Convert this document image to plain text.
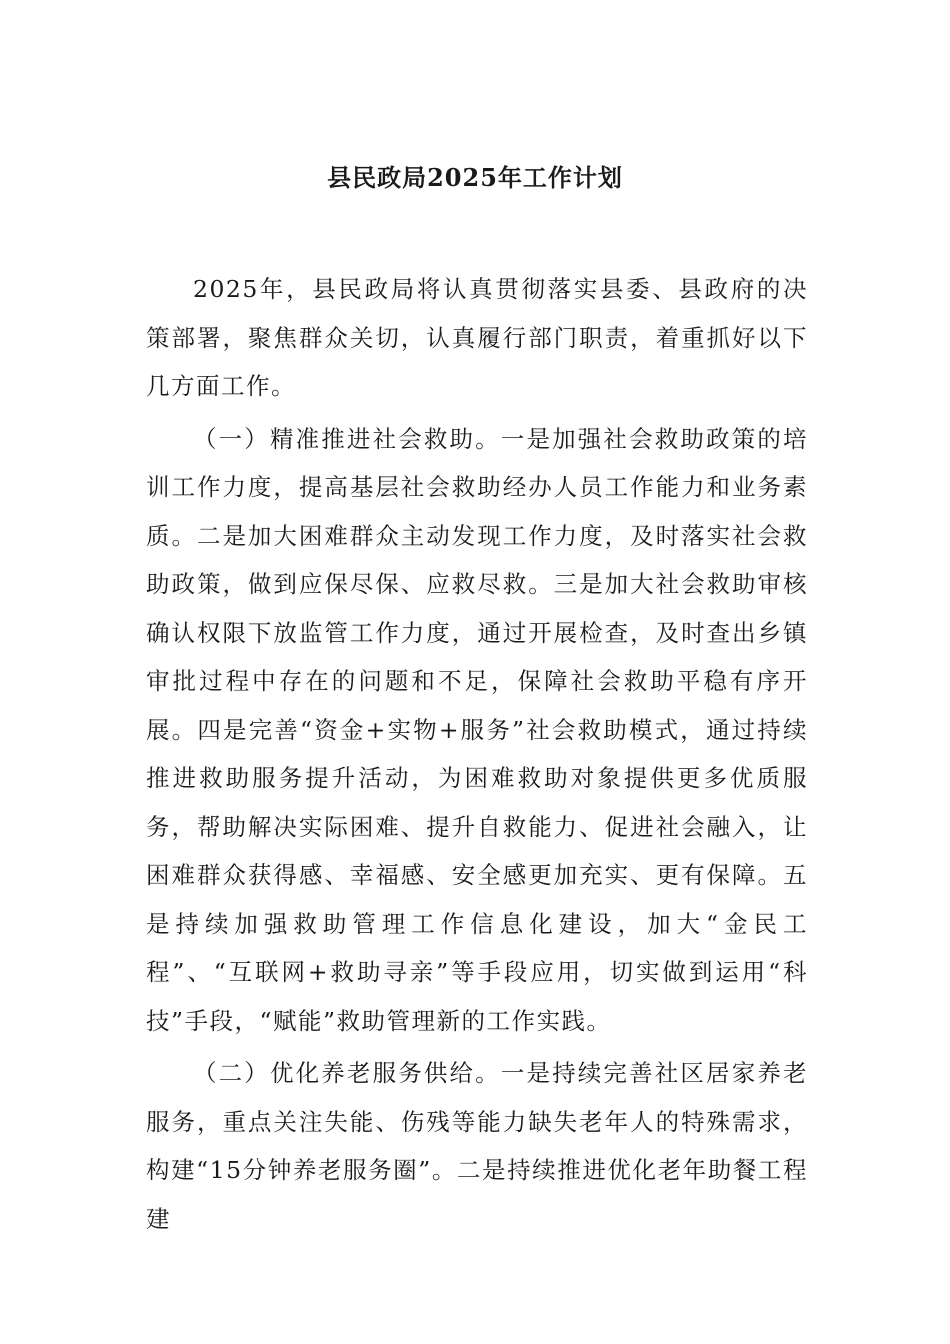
县民政局2025年工作计划

2025年，县民政局将认真贯彻落实县委、县政府的决策部署，聚焦群众关切，认真履行部门职责，着重抓好以下几方面工作。

（一）精准推进社会救助。一是加强社会救助政策的培训工作力度，提高基层社会救助经办人员工作能力和业务素质。二是加大困难群众主动发现工作力度，及时落实社会救助政策，做到应保尽保、应救尽救。三是加大社会救助审核确认权限下放监管工作力度，通过开展检查，及时查出乡镇审批过程中存在的问题和不足，保障社会救助平稳有序开展。四是完善“资金+实物+服务”社会救助模式，通过持续推进救助服务提升活动，为困难救助对象提供更多优质服务，帮助解决实际困难、提升自救能力、促进社会融入，让困难群众获得感、幸福感、安全感更加充实、更有保障。五是持续加强救助管理工作信息化建设，加大“金民工程”、“互联网+救助寻亲”等手段应用，切实做到运用“科技”手段，“赋能”救助管理新的工作实践。

（二）优化养老服务供给。一是持续完善社区居家养老服务，重点关注失能、伤残等能力缺失老年人的特殊需求，构建“15分钟养老服务圈”。二是持续推进优化老年助餐工程建
